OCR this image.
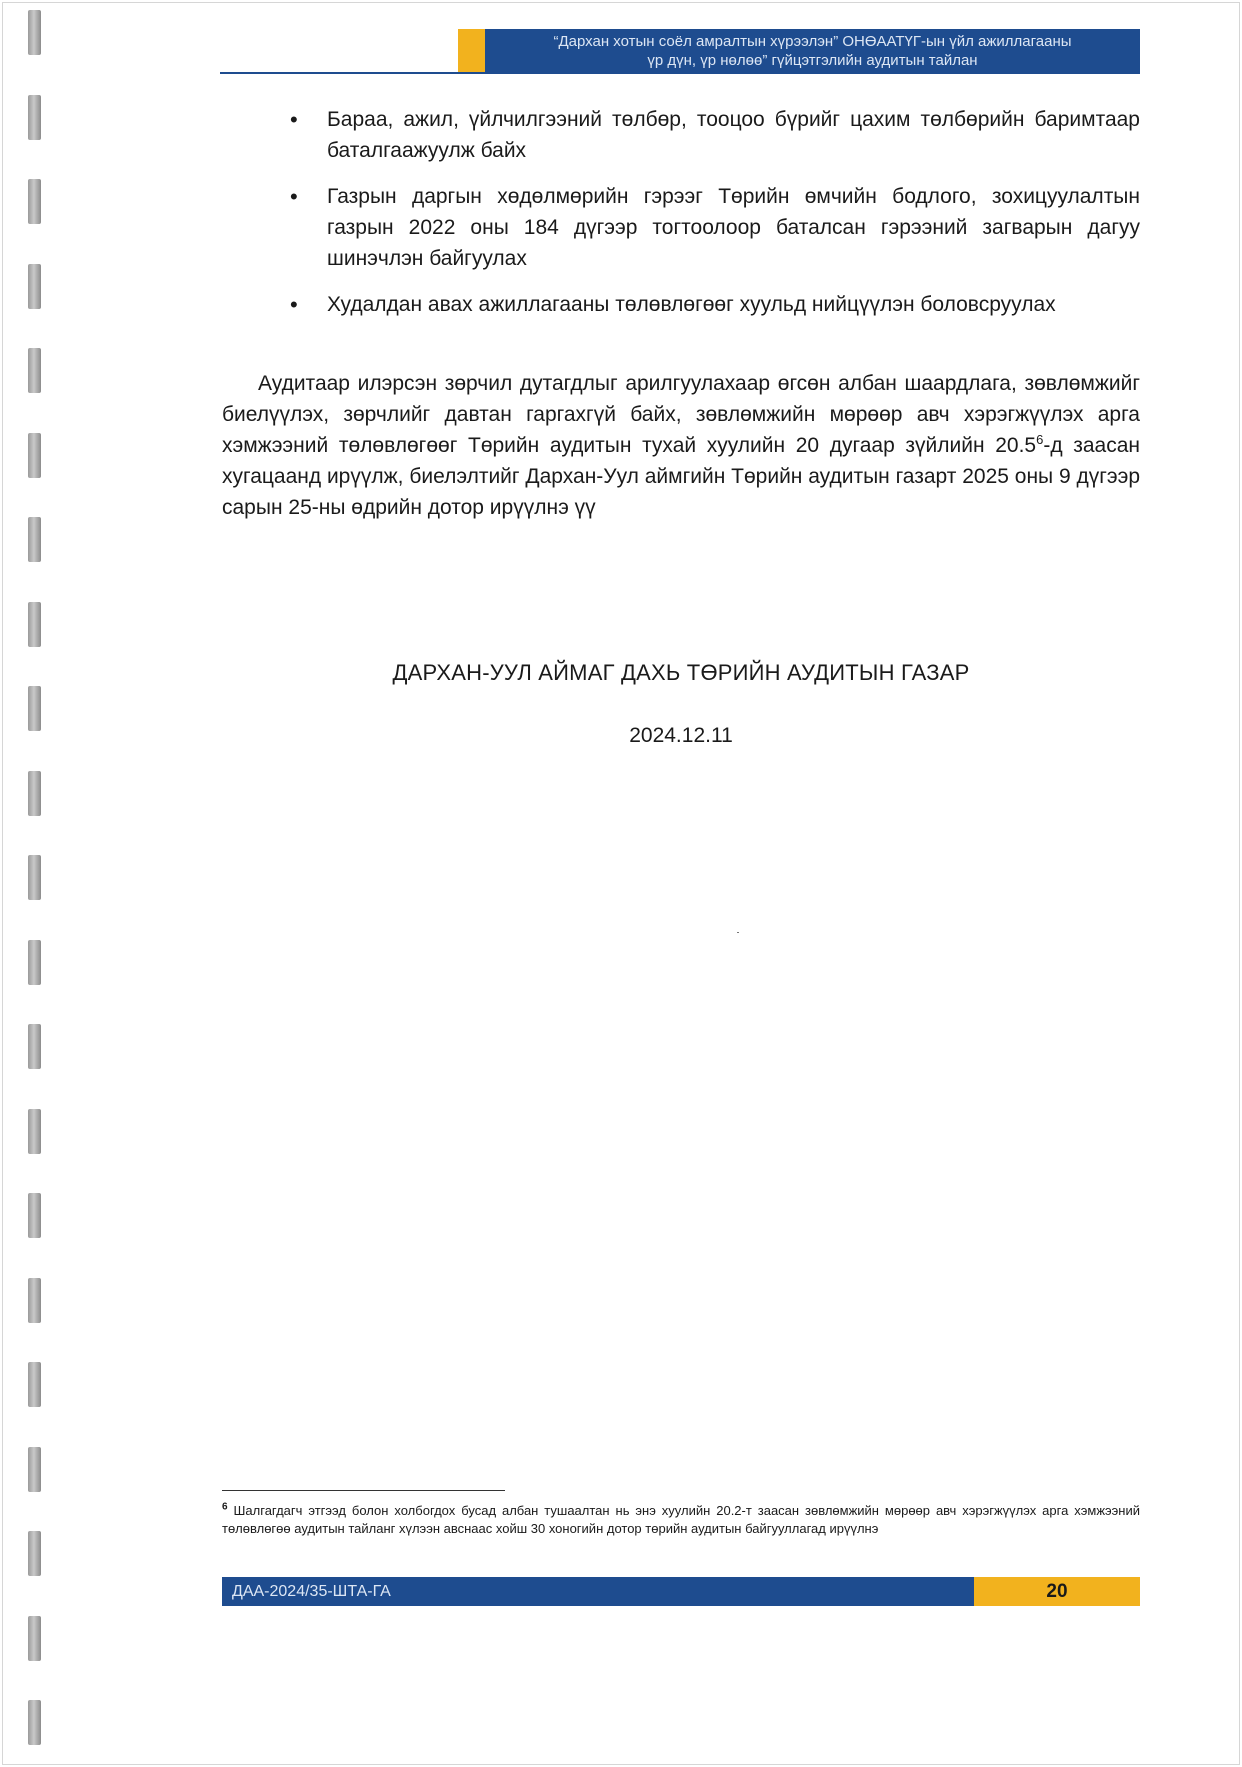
“Дархан хотын соёл амралтын хүрээлэн” ОНӨААТҮГ-ын үйл ажиллагааны
үр дүн, үр нөлөө” гүйцэтгэлийн аудитын тайлан
• Бараа, ажил, үйлчилгээний төлбөр, тооцоо бүрийг цахим төлбөрийн баримтаар баталгаажуулж байх
• Газрын даргын хөдөлмөрийн гэрээг Төрийн өмчийн бодлого, зохицуулалтын газрын 2022 оны 184 дүгээр тогтоолоор баталсан гэрээний загварын дагуу шинэчлэн байгуулах
• Худалдан авах ажиллагааны төлөвлөгөөг хуульд нийцүүлэн боловсруулах

Аудитаар илэрсэн зөрчил дутагдлыг арилгуулахаар өгсөн албан шаардлага, зөвлөмжийг биелүүлэх, зөрчлийг давтан гаргахгүй байх, зөвлөмжийн мөрөөр авч хэрэгжүүлэх арга хэмжээний төлөвлөгөөг Төрийн аудитын тухай хуулийн 20 дугаар зүйлийн 20.5$^6$-д заасан хугацаанд ирүүлж, биелэлтийг Дархан-Уул аймгийн Төрийн аудитын газарт 2025 оны 9 дүгээр сарын 25-ны өдрийн дотор ирүүлнэ үү

ДАРХАН-УУЛ АЙМАГ ДАХЬ ТӨРИЙН АУДИТЫН ГАЗАР
2024.12.11
$^6$ Шалгагдагч этгээд болон холбогдох бусад албан тушаалтан нь энэ хуулийн 20.2-т заасан зөвлөмжийн мөрөөр авч хэрэгжүүлэх арга хэмжээний төлөвлөгөө аудитын тайланг хүлээн авснаас хойш 30 хоногийн дотор төрийн аудитын байгууллагад ирүүлнэ
ДАА-2024/35-ШТА-ГА	20
